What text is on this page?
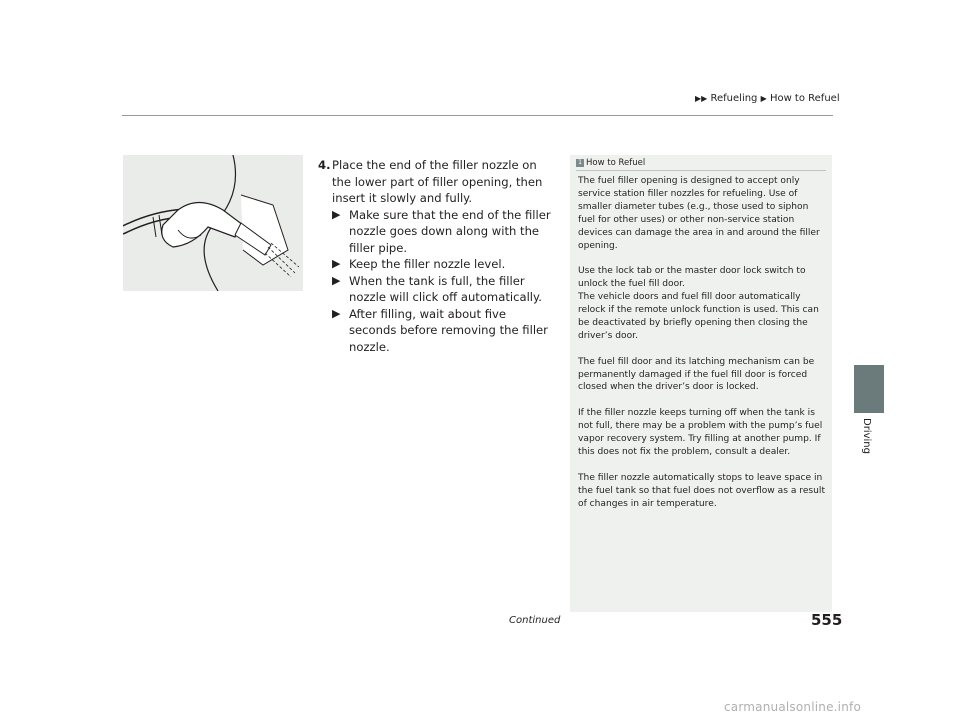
▶▶ Refueling ▶ How to Refuel
Driving
4. Place the end of the filler nozzle on the lower part of filler opening, then insert it slowly and fully.
▶ Make sure that the end of the filler nozzle goes down along with the filler pipe.
▶ Keep the filler nozzle level.
▶ When the tank is full, the filler nozzle will click off automatically.
▶ After filling, wait about five seconds before removing the filler nozzle.
1 How to Refuel

The fuel filler opening is designed to accept only service station filler nozzles for refueling. Use of smaller diameter tubes (e.g., those used to siphon fuel for other uses) or other non-service station devices can damage the area in and around the filler opening.

Use the lock tab or the master door lock switch to unlock the fuel fill door.
The vehicle doors and fuel fill door automatically relock if the remote unlock function is used. This can be deactivated by briefly opening then closing the driver’s door.

The fuel fill door and its latching mechanism can be permanently damaged if the fuel fill door is forced closed when the driver’s door is locked.

If the filler nozzle keeps turning off when the tank is not full, there may be a problem with the pump’s fuel vapor recovery system. Try filling at another pump. If this does not fix the problem, consult a dealer.

The filler nozzle automatically stops to leave space in the fuel tank so that fuel does not overflow as a result of changes in air temperature.

Continued	555
carmanualsonline.info
